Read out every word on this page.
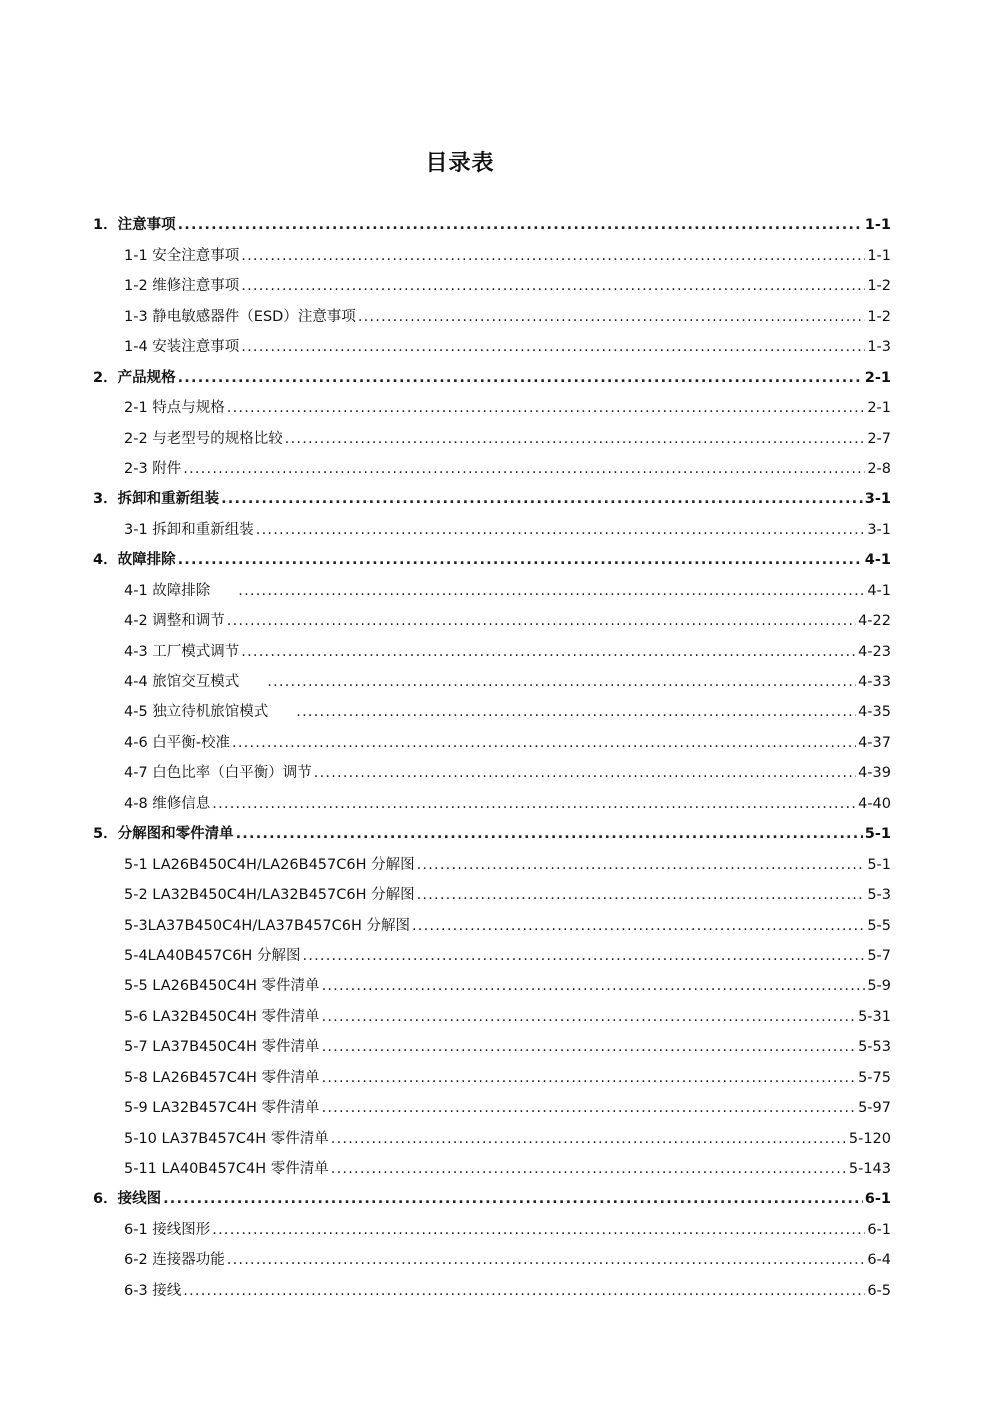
目录表
1．注意事项 .....	1-1
1-1 安全注意事项 .....	1-1
1-2 维修注意事项 .....	1-2
1-3 静电敏感器件（ESD）注意事项 .....	1-2
1-4 安装注意事项 .....	1-3
2．产品规格 .....	2-1
2-1 特点与规格 .....	2-1
2-2 与老型号的规格比较 .....	2-7
2-3 附件 .....	2-8
3．拆卸和重新组装 .....	3-1
3-1 拆卸和重新组装 .....	3-1
4．故障排除 .....	4-1
4-1 故障排除 .....	4-1
4-2 调整和调节 .....	4-22
4-3 工厂模式调节 .....	4-23
4-4 旅馆交互模式 .....	4-33
4-5 独立待机旅馆模式 .....	4-35
4-6 白平衡-校准 .....	4-37
4-7 白色比率（白平衡）调节 .....	4-39
4-8 维修信息 .....	4-40
5．分解图和零件清单 .....	5-1
5-1 LA26B450C4H/LA26B457C6H 分解图 .....	5-1
5-2 LA32B450C4H/LA32B457C6H 分解图 .....	5-3
5-3LA37B450C4H/LA37B457C6H 分解图 .....	5-5
5-4LA40B457C6H 分解图 .....	5-7
5-5 LA26B450C4H 零件清单 .....	5-9
5-6 LA32B450C4H 零件清单 .....	5-31
5-7 LA37B450C4H 零件清单 .....	5-53
5-8 LA26B457C4H 零件清单 .....	5-75
5-9 LA32B457C4H 零件清单 .....	5-97
5-10 LA37B457C4H 零件清单 .....	5-120
5-11 LA40B457C4H 零件清单 .....	5-143
6．接线图 .....	6-1
6-1 接线图形 .....	6-1
6-2 连接器功能 .....	6-4
6-3 接线 .....	6-5
